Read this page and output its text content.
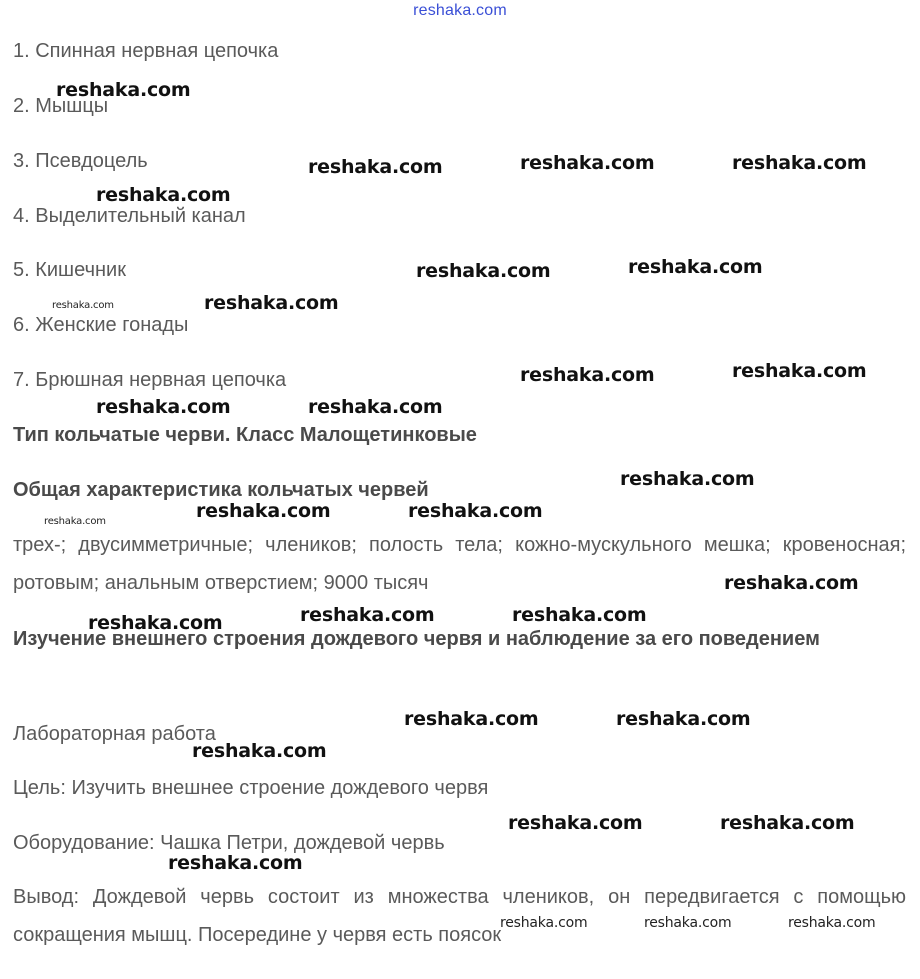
reshaka.com
1. Спинная нервная цепочка
2. Мышцы
3. Псевдоцель
4. Выделительный канал
5. Кишечник
6. Женские гонады
7. Брюшная нервная цепочка
Тип кольчатые черви. Класс Малощетинковые
Общая характеристика кольчатых червей
трех-; двусимметричные; члеников; полость тела; кожно-мускульного мешка; кровеносная; ротовым; анальным отверстием; 9000 тысяч
Изучение внешнего строения дождевого червя и наблюдение за его поведением
Лабораторная работа
Цель: Изучить внешнее строение дождевого червя
Оборудование: Чашка Петри, дождевой червь
Вывод: Дождевой червь состоит из множества члеников, он передвигается с помощью сокращения мышц. Посередине у червя есть поясок
reshaka.com
reshaka.com	reshaka.com	reshaka.com
reshaka.com
reshaka.com	reshaka.com
reshaka.com	reshaka.com
reshaka.com	reshaka.com
reshaka.com	reshaka.com
reshaka.com
reshaka.com	reshaka.com	reshaka.com
reshaka.com
reshaka.com	reshaka.com	reshaka.com
reshaka.com	reshaka.com
reshaka.com
reshaka.com	reshaka.com
reshaka.com
reshaka.com	reshaka.com	reshaka.com
